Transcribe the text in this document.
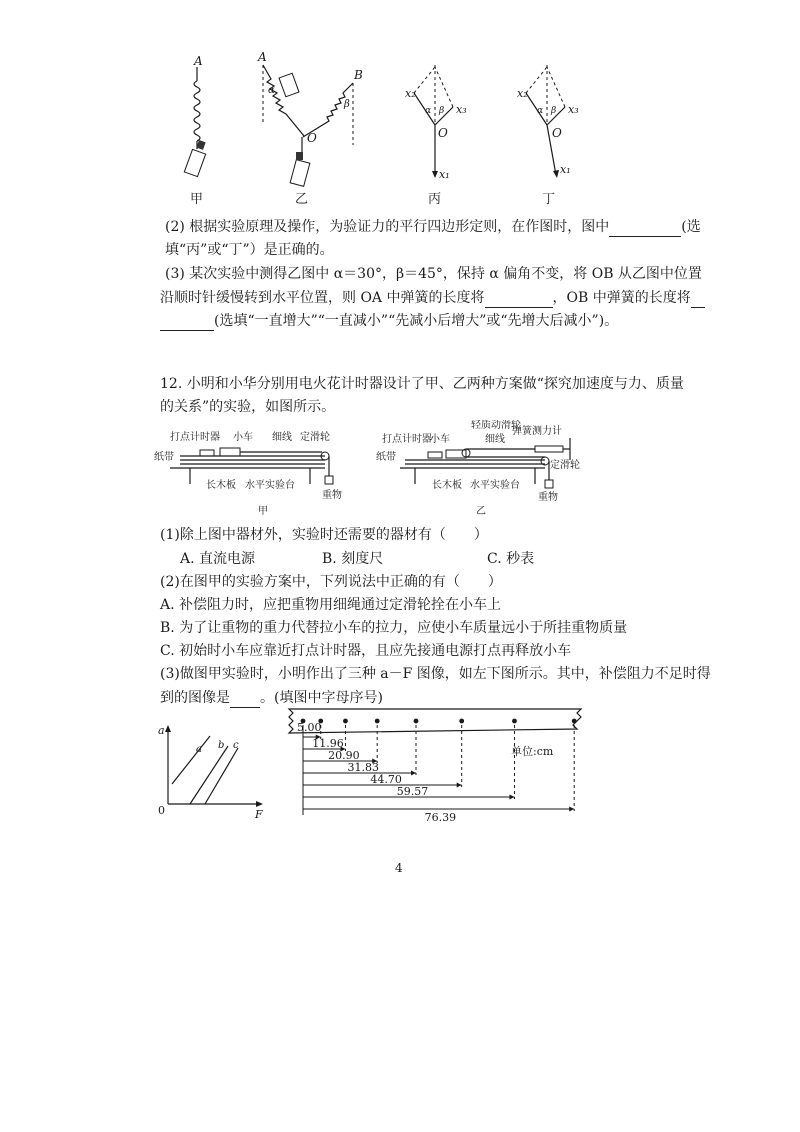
A
甲
A
α
B
β
O
乙
x₂
x₃
x₁
O
α β
丙
x₂
x₃
x₁
O
α β
丁
(2) 根据实验原理及操作，为验证力的平行四边形定则，在作图时，图中	(选
填“丙”或“丁”）是正确的。
(3) 某次实验中测得乙图中 α＝30°，β＝45°，保持 α 偏角不变，将 OB 从乙图中位置
沿顺时针缓慢转到水平位置，则 OA 中弹簧的长度将	，OB 中弹簧的长度将
(选填“一直增大”“一直减小”“先减小后增大”或“先增大后减小”)。
12. 小明和小华分别用电火花计时器设计了甲、乙两种方案做“探究加速度与力、质量
的关系”的实验，如图所示。
打点计时器 小车 细线 定滑轮
纸带
长木板 水平实验台
重物
甲
轻质动滑轮
弹簧测力计
打点计时器
小车	细线
纸带
定滑轮
长木板 水平实验台
重物
乙
(1)除上图中器材外，实验时还需要的器材有（　　）
A. 直流电源	B. 刻度尺	C. 秒表
(2)在图甲的实验方案中，下列说法中正确的有（　　）
A. 补偿阻力时，应把重物用细绳通过定滑轮拴在小车上
B. 为了让重物的重力代替拉小车的拉力，应使小车质量远小于所挂重物质量
C. 初始时小车应靠近打点计时器，且应先接通电源打点再释放小车
(3)做图甲实验时，小明作出了三种 a－F 图像，如左下图所示。其中，补偿阻力不足时得
到的图像是 。(填图中字母序号)
a
F
0
a b c
5.00
11.96
20.90
31.83
44.70
59.57
76.39
单位:cm
4
